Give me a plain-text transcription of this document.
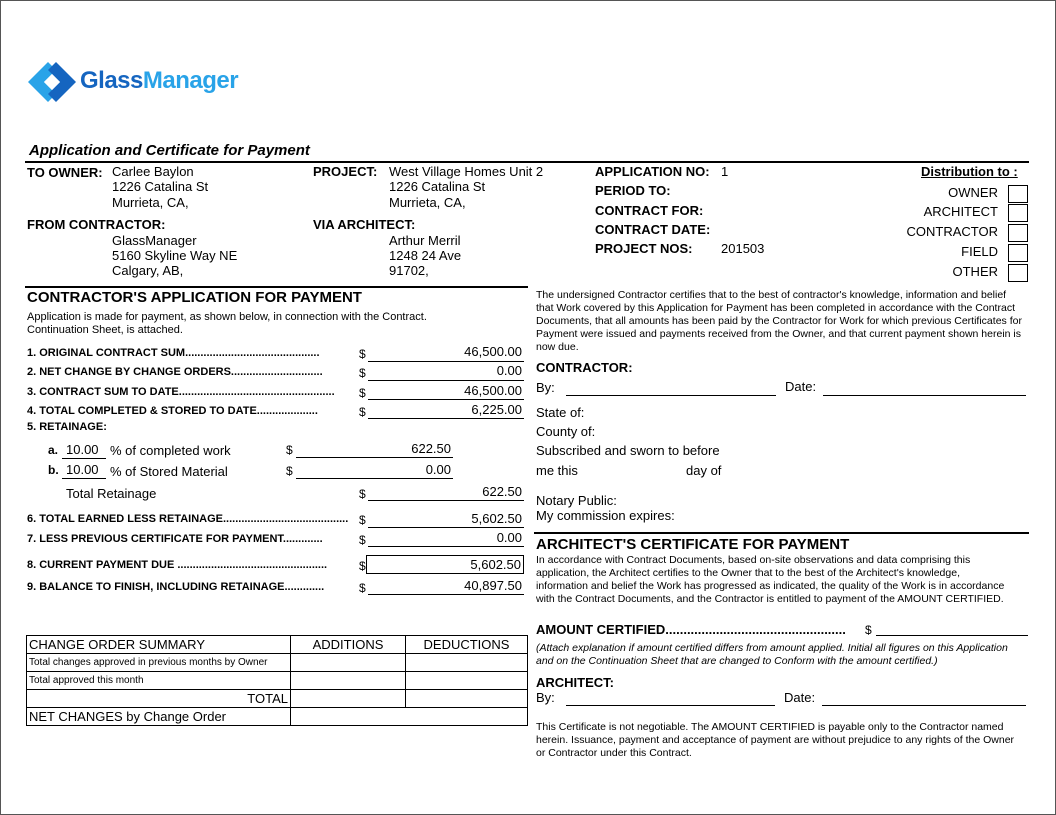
GlassManager
Application and Certificate for Payment
TO OWNER: Carlee Baylon
1226 Catalina St
Murrieta, CA,
FROM CONTRACTOR:
GlassManager
5160 Skyline Way NE
Calgary, AB,
PROJECT: West Village Homes Unit 2
1226 Catalina St
Murrieta, CA,
VIA ARCHITECT:
Arthur Merril
1248 24 Ave
91702,
APPLICATION NO: 1
PERIOD TO:
CONTRACT FOR:
CONTRACT DATE:
PROJECT NOS: 201503
Distribution to :
OWNER
ARCHITECT
CONTRACTOR
FIELD
OTHER
CONTRACTOR'S APPLICATION FOR PAYMENT
Application is made for payment, as shown below, in connection with the Contract. Continuation Sheet, is attached.
1. ORIGINAL CONTRACT SUM............................................	$	46,500.00
2. NET CHANGE BY CHANGE ORDERS..............................	$	0.00
3. CONTRACT SUM TO DATE...................................................	$	46,500.00
4. TOTAL COMPLETED & STORED TO DATE....................	$	6,225.00
5. RETAINAGE:
a. 10.00 % of completed work	$	622.50
b. 10.00 % of Stored Material	$	0.00
Total Retainage	$	622.50
6. TOTAL EARNED LESS RETAINAGE......................................... $	5,602.50
7. LESS PREVIOUS CERTIFICATE FOR PAYMENT.............	$	0.00
8. CURRENT PAYMENT DUE .................................................	$	5,602.50
9. BALANCE TO FINISH, INCLUDING RETAINAGE.............	$	40,897.50
CHANGE ORDER SUMMARY	ADDITIONS	DEDUCTIONS
Total changes approved in previous months by Owner		
Total approved this month		
TOTAL		
NET CHANGES by Change Order		
The undersigned Contractor certifies that to the best of contractor's knowledge, information and belief that Work covered by this Application for Payment has been completed in accordance with the Contract Documents, that all amounts has been paid by the Contractor for Work for which previous Certificates for Payment were issued and payments received from the Owner, and that current payment shown herein is now due.
CONTRACTOR:
By:	Date:
State of:
County of:
Subscribed and sworn to before
me this	day of
Notary Public:
My commission expires:
ARCHITECT'S CERTIFICATE FOR PAYMENT
In accordance with Contract Documents, based on-site observations and data comprising this application, the Architect certifies to the Owner that to the best of the Architect's knowledge, information and belief the Work has progressed as indicated, the quality of the Work is in accordance with the Contract Documents, and the Contractor is entitled to payment of the AMOUNT CERTIFIED.
AMOUNT CERTIFIED..................................................	$
(Attach explanation if amount certified differs from amount applied. Initial all figures on this Application and on the Continuation Sheet that are changed to Conform with the amount certified.)
ARCHITECT:
By:	Date:
This Certificate is not negotiable. The AMOUNT CERTIFIED is payable only to the Contractor named herein. Issuance, payment and acceptance of payment are without prejudice to any rights of the Owner or Contractor under this Contract.
